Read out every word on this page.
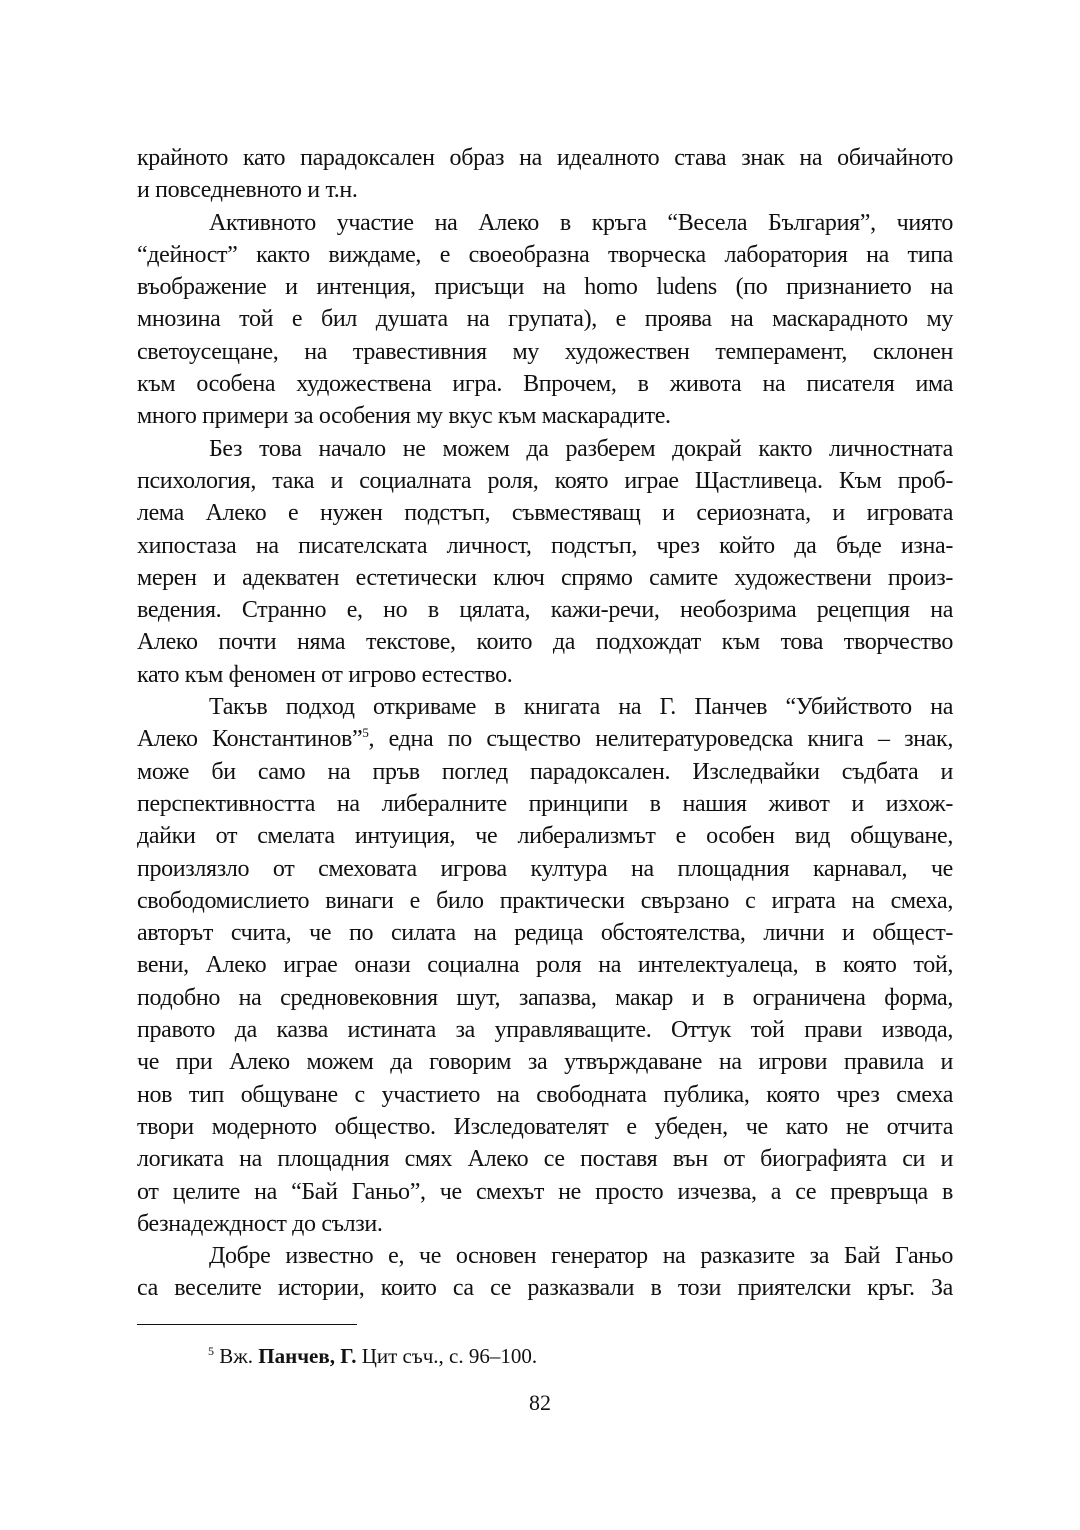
крайното като парадоксален образ на идеалното става знак на обичайното
и повседневното и т.н.
Активното участие на Алеко в кръга “Весела България”, чиято
“дейност” както виждаме, е своеобразна творческа лаборатория на типа
въображение и интенция, присъщи на homo ludens (по признанието на
мнозина той е бил душата на групата), е проява на маскарадното му
светоусещане, на травестивния му художествен темперамент, склонен
към особена художествена игра. Впрочем, в живота на писателя има
много примери за особения му вкус към маскарадите.
Без това начало не можем да разберем докрай както личностната
психология, така и социалната роля, която играе Щастливеца. Към проб-
лема Алеко е нужен подстъп, съвместяващ и сериозната, и игровата
хипостаза на писателската личност, подстъп, чрез който да бъде изна-
мерен и адекватен естетически ключ спрямо самите художествени произ-
ведения. Странно е, но в цялата, кажи-речи, необозрима рецепция на
Алеко почти няма текстове, които да подхождат към това творчество
като към феномен от игрово естество.
Такъв подход откриваме в книгата на Г. Панчев “Убийството на
Алеко Константинов”$^5$, една по същество нелитературоведска книга – знак,
може би само на пръв поглед парадоксален. Изследвайки съдбата и
перспективността на либералните принципи в нашия живот и изхож-
дайки от смелата интуиция, че либерализмът е особен вид общуване,
произлязло от смеховата игрова култура на площадния карнавал, че
свободомислието винаги е било практически свързано с играта на смеха,
авторът счита, че по силата на редица обстоятелства, лични и общест-
вени, Алеко играе онази социална роля на интелектуалеца, в която той,
подобно на средновековния шут, запазва, макар и в ограничена форма,
правото да казва истината за управляващите. Оттук той прави извода,
че при Алеко можем да говорим за утвърждаване на игрови правила и
нов тип общуване с участието на свободната публика, която чрез смеха
твори модерното общество. Изследователят е убеден, че като не отчита
логиката на площадния смях Алеко се поставя вън от биографията си и
от целите на “Бай Ганьо”, че смехът не просто изчезва, а се превръща в
безнадеждност до сълзи.
Добре известно е, че основен генератор на разказите за Бай Ганьо
са веселите истории, които са се разказвали в този приятелски кръг. За
$^5$ Вж. Панчев, Г. Цит съч., с. 96–100.
82
